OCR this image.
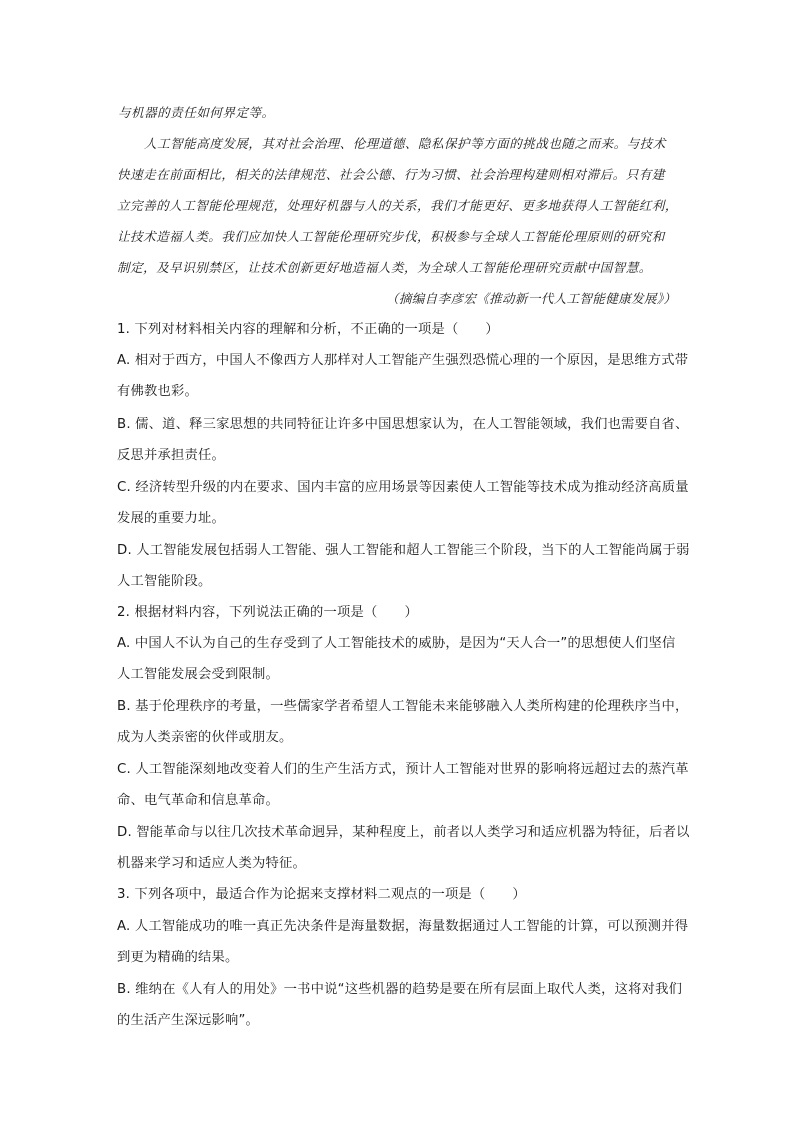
与机器的责任如何界定等。
人工智能高度发展，其对社会治理、伦理道德、隐私保护等方面的挑战也随之而来。与技术
快速走在前面相比，相关的法律规范、社会公德、行为习惯、社会治理构建则相对滞后。只有建
立完善的人工智能伦理规范，处理好机器与人的关系，我们才能更好、更多地获得人工智能红利，
让技术造福人类。我们应加快人工智能伦理研究步伐，积极参与全球人工智能伦理原则的研究和
制定，及早识别禁区，让技术创新更好地造福人类，为全球人工智能伦理研究贡献中国智慧。
（摘编自李彦宏《推动新一代人工智能健康发展》）
1. 下列对材料相关内容的理解和分析，不正确的一项是（　　）
A. 相对于西方，中国人不像西方人那样对人工智能产生强烈恐慌心理的一个原因，是思维方式带
有佛教也彩。
B. 儒、道、释三家思想的共同特征让许多中国思想家认为，在人工智能领域，我们也需要自省、
反思并承担责任。
C. 经济转型升级的内在要求、国内丰富的应用场景等因素使人工智能等技术成为推动经济高质量
发展的重要力址。
D. 人工智能发展包括弱人工智能、强人工智能和超人工智能三个阶段，当下的人工智能尚属于弱
人工智能阶段。
2. 根据材料内容，下列说法正确的一项是（　　）
A. 中国人不认为自己的生存受到了人工智能技术的威胁，是因为“天人合一”的思想使人们坚信
人工智能发展会受到限制。
B. 基于伦理秩序的考量，一些儒家学者希望人工智能未来能够融入人类所构建的伦理秩序当中，
成为人类亲密的伙伴或朋友。
C. 人工智能深刻地改变着人们的生产生活方式，预计人工智能对世界的影响将远超过去的蒸汽革
命、电气革命和信息革命。
D. 智能革命与以往几次技术革命迥异，某种程度上，前者以人类学习和适应机器为特征，后者以
机器来学习和适应人类为特征。
3. 下列各项中，最适合作为论据来支撑材料二观点的一项是（　　）
A. 人工智能成功的唯一真正先决条件是海量数据，海量数据通过人工智能的计算，可以预测并得
到更为精确的结果。
B. 维纳在《人有人的用处》一书中说“这些机器的趋势是要在所有层面上取代人类，这将对我们
的生活产生深远影响”。
